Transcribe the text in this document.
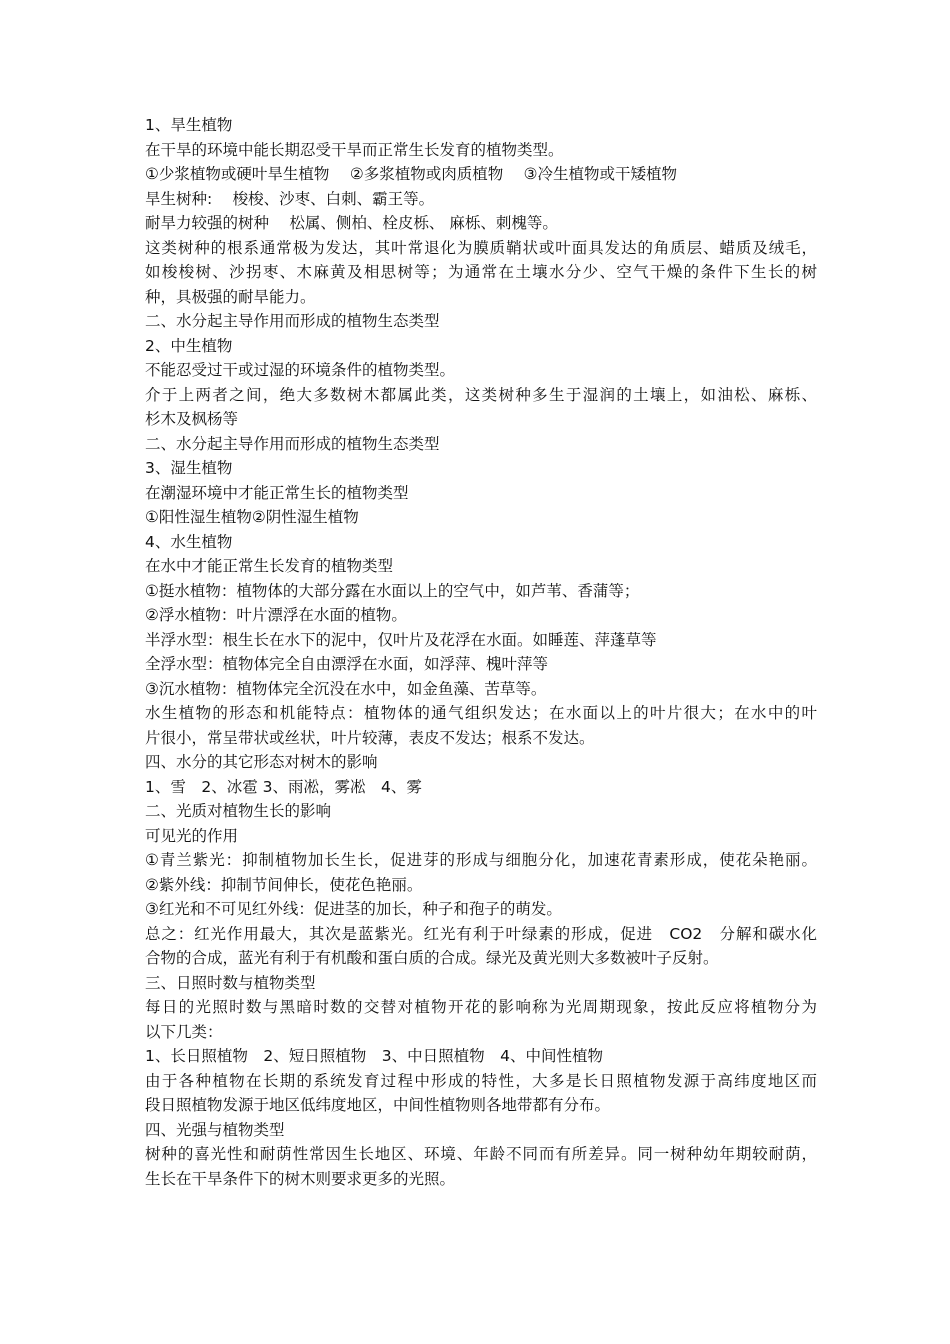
1、旱生植物
在干旱的环境中能长期忍受干旱而正常生长发育的植物类型。
①少浆植物或硬叶旱生植物　 ②多浆植物或肉质植物　 ③冷生植物或干矮植物
旱生树种:　 梭梭、沙枣、白刺、霸王等。
耐旱力较强的树种　 松属、侧柏、栓皮栎、 麻栎、刺槐等。
这类树种的根系通常极为发达，其叶常退化为膜质鞘状或叶面具发达的角质层、蜡质及绒毛，
如梭梭树、沙拐枣、木麻黄及相思树等；为通常在土壤水分少、空气干燥的条件下生长的树
种，具极强的耐旱能力。
二、水分起主导作用而形成的植物生态类型
2、中生植物
不能忍受过干或过湿的环境条件的植物类型。
介于上两者之间，绝大多数树木都属此类，这类树种多生于湿润的土壤上，如油松、麻栎、
杉木及枫杨等
二、水分起主导作用而形成的植物生态类型
3、湿生植物
在潮湿环境中才能正常生长的植物类型
①阳性湿生植物②阴性湿生植物
4、水生植物
在水中才能正常生长发育的植物类型
①挺水植物：植物体的大部分露在水面以上的空气中，如芦苇、香蒲等；
②浮水植物：叶片漂浮在水面的植物。
半浮水型：根生长在水下的泥中，仅叶片及花浮在水面。如睡莲、萍蓬草等
全浮水型：植物体完全自由漂浮在水面，如浮萍、槐叶萍等
③沉水植物：植物体完全沉没在水中，如金鱼藻、苦草等。
水生植物的形态和机能特点：植物体的通气组织发达；在水面以上的叶片很大；在水中的叶
片很小，常呈带状或丝状，叶片较薄，表皮不发达；根系不发达。
四、水分的其它形态对树木的影响
1、雪　2、冰雹 3、雨凇，雾凇　4、雾
二、光质对植物生长的影响
可见光的作用
①青兰紫光：抑制植物加长生长，促进芽的形成与细胞分化，加速花青素形成，使花朵艳丽。
②紫外线：抑制节间伸长，使花色艳丽。
③红光和不可见红外线：促进茎的加长，种子和孢子的萌发。
总之：红光作用最大，其次是蓝紫光。红光有利于叶绿素的形成，促进　CO2　分解和碳水化
合物的合成，蓝光有利于有机酸和蛋白质的合成。绿光及黄光则大多数被叶子反射。
三、日照时数与植物类型
每日的光照时数与黑暗时数的交替对植物开花的影响称为光周期现象，按此反应将植物分为
以下几类：
1、长日照植物　2、短日照植物　3、中日照植物　4、中间性植物
由于各种植物在长期的系统发育过程中形成的特性，大多是长日照植物发源于高纬度地区而
段日照植物发源于地区低纬度地区，中间性植物则各地带都有分布。
四、光强与植物类型
树种的喜光性和耐荫性常因生长地区、环境、年龄不同而有所差异。同一树种幼年期较耐荫，
生长在干旱条件下的树木则要求更多的光照。
